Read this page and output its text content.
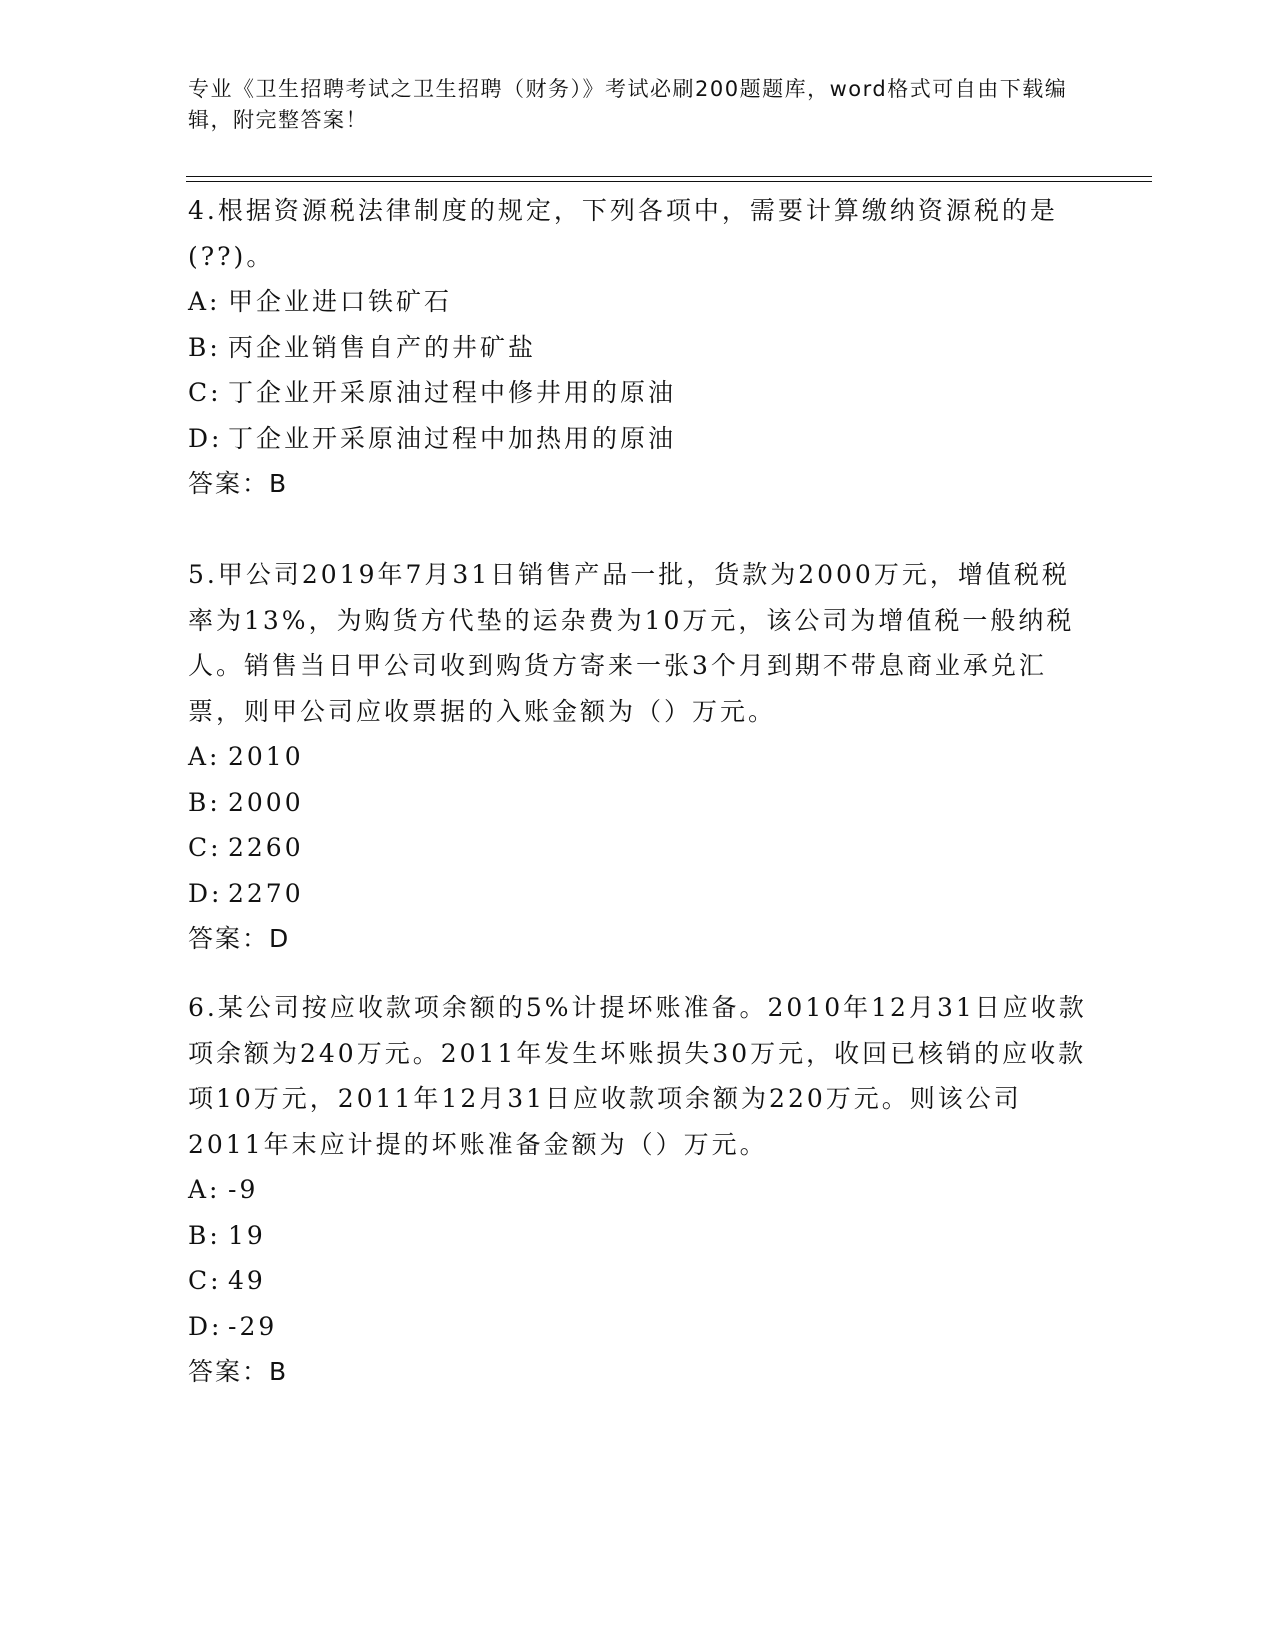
专业《卫生招聘考试之卫生招聘（财务）》考试必刷200题题库，word格式可自由下载编辑，附完整答案！

4.根据资源税法律制度的规定，下列各项中，需要计算缴纳资源税的是(??)。

A: 甲企业进口铁矿石

B: 丙企业销售自产的井矿盐

C: 丁企业开采原油过程中修井用的原油

D: 丁企业开采原油过程中加热用的原油

答案：B

5.甲公司2019年7月31日销售产品一批，货款为2000万元，增值税税率为13%，为购货方代垫的运杂费为10万元，该公司为增值税一般纳税人。销售当日甲公司收到购货方寄来一张3个月到期不带息商业承兑汇票，则甲公司应收票据的入账金额为（）万元。

A: 2010

B: 2000

C: 2260

D: 2270

答案：D

6.某公司按应收款项余额的5%计提坏账准备。2010年12月31日应收款项余额为240万元。2011年发生坏账损失30万元，收回已核销的应收款项10万元，2011年12月31日应收款项余额为220万元。则该公司2011年末应计提的坏账准备金额为（）万元。

A: -9

B: 19

C: 49

D: -29

答案：B
